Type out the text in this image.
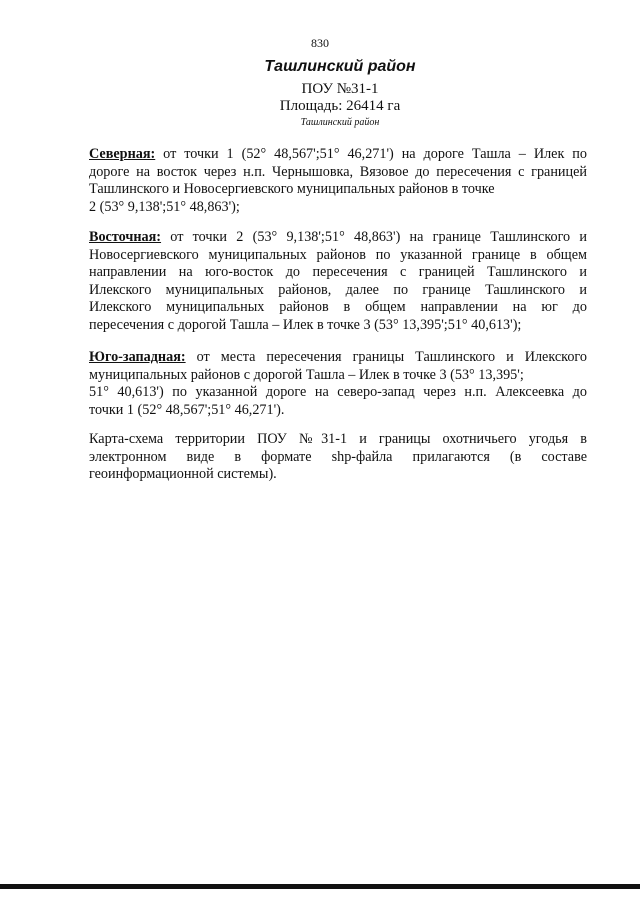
830
Ташлинский район
ПОУ №31-1
Площадь: 26414 га
Ташлинский район
Северная: от точки 1 (52° 48,567';51° 46,271') на дороге Ташла – Илек по
дороге на восток через н.п. Чернышовка, Вязовое до пересечения с границей
Ташлинского и Новосергиевского муниципальных районов в точке
2 (53° 9,138';51° 48,863');
Восточная: от точки 2 (53° 9,138';51° 48,863') на границе Ташлинского и
Новосергиевского муниципальных районов по указанной границе в общем
направлении на юго-восток до пересечения с границей Ташлинского и
Илекского муниципальных районов, далее по границе Ташлинского и
Илекского муниципальных районов в общем направлении на юг до
пересечения с дорогой Ташла – Илек в точке 3 (53° 13,395';51° 40,613');
Юго-западная: от места пересечения границы Ташлинского и Илекского
муниципальных районов с дорогой Ташла – Илек в точке 3 (53° 13,395';
51° 40,613') по указанной дороге на северо-запад через н.п. Алексеевка до
точки 1 (52° 48,567';51° 46,271').
Карта-схема территории ПОУ №31-1 и границы охотничьего угодья в
электронном виде в формате shp-файла прилагаются (в составе
геоинформационной системы).
